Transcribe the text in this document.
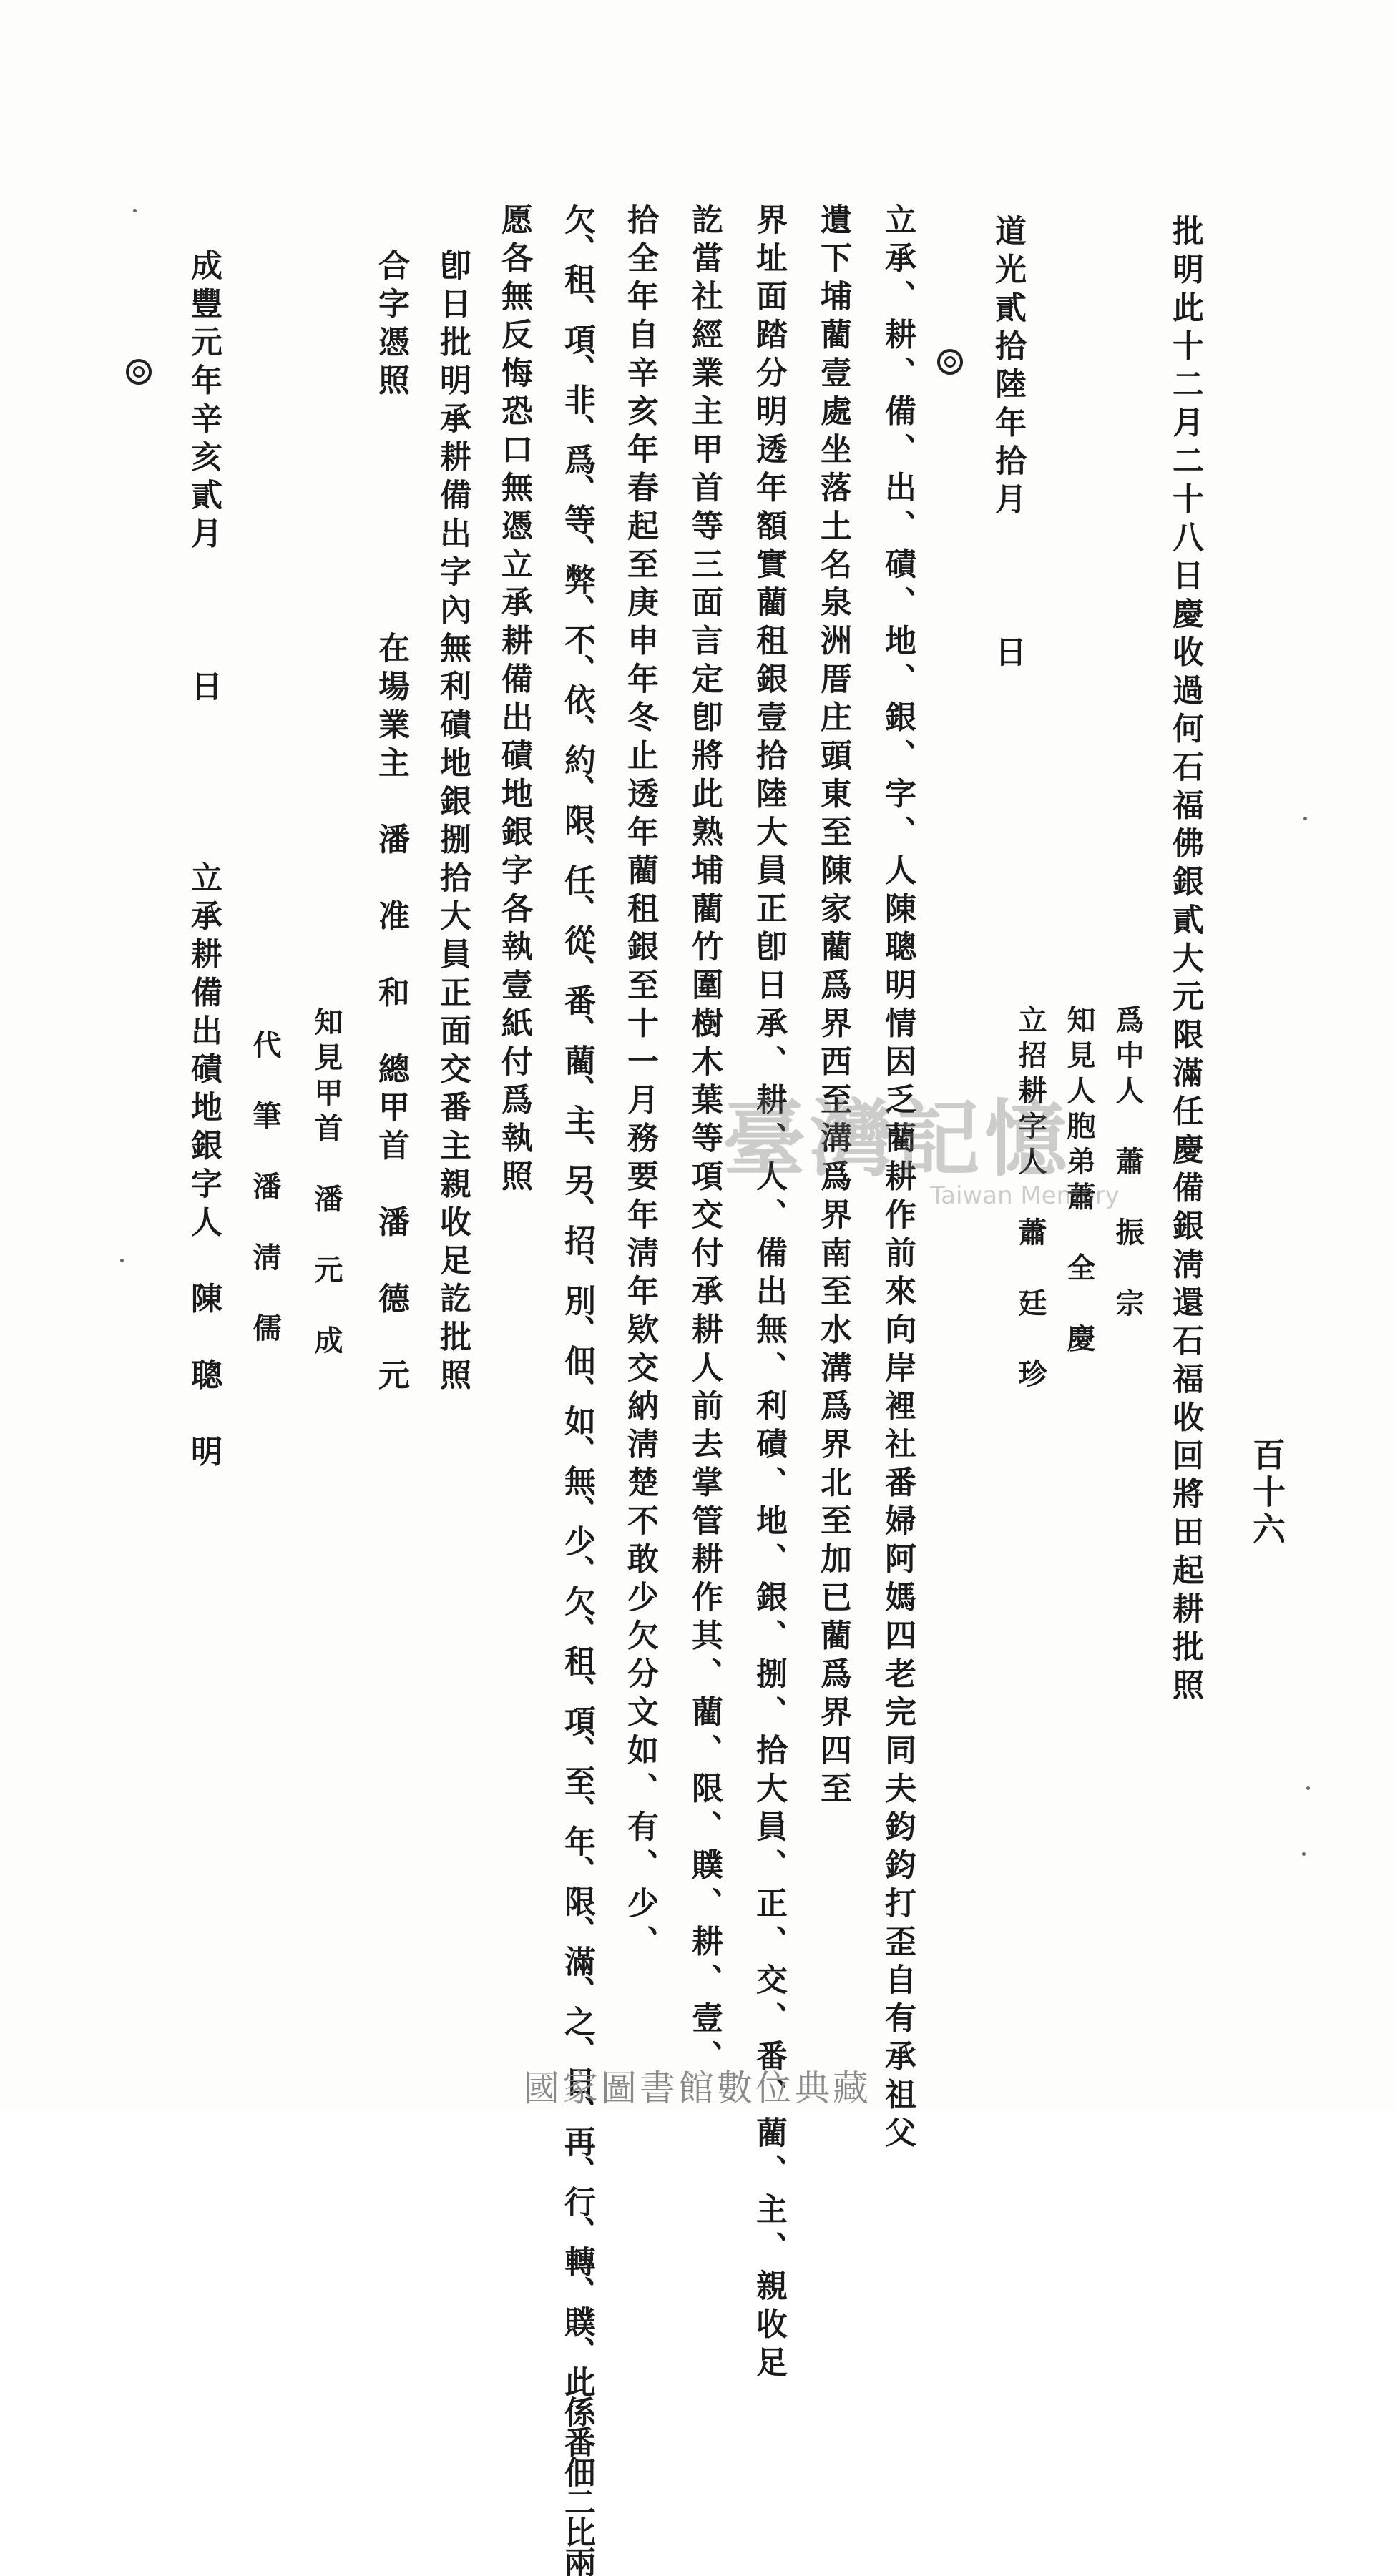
百十六
批明此十二月二十八日慶收過何石福佛銀貳大元限滿任慶備銀淸還石福收回將田起耕批照
爲中人　蕭　振　宗
知見人胞弟蕭　全　慶
立招耕字人　蕭　廷　珍
道光貳拾陸年拾月　　　日
立承、耕、備、出、磧、地、銀、字、人陳聰明情因乏藺耕作前來向岸裡社番婦阿媽四老完同夫鈞鈞打歪自有承祖父
遺下埔藺壹處坐落土名泉洲厝庄頭東至陳家藺爲界西至溝爲界南至水溝爲界北至加已藺爲界四至
界址面踏分明透年額實藺租銀壹拾陸大員正卽日承、耕、人、備出無、利磧、地、銀、捌、拾大員、正、交、番、藺、主、親收足
訖當社經業主甲首等三面言定卽將此熟埔藺竹圍樹木葉等項交付承耕人前去掌管耕作其、藺、限、贌、耕、壹、
拾全年自辛亥年春起至庚申年冬止透年藺租銀至十一月務要年淸年欵交納淸楚不敢少欠分文如、有、少、
欠、租、項、非、爲、等、弊、不、依、約、限、任、從、番、藺、主、另、招、別、佃、如、無、少、欠、租、項、至、年、限、滿、之、日、再、行、轉、贌、此係番佃二比兩
愿各無反悔恐口無憑立承耕備出磧地銀字各執壹紙付爲執照
卽日批明承耕備出字內無利磧地銀捌拾大員正面交番主親收足訖批照
合字憑照　　　　　　在場業主　潘　准　和　總甲首　潘　德　元
知見甲首　潘　元　成
代　筆　潘　淸　儒
成豐元年辛亥貳月　　　日　　　　立承耕備出磧地銀字人　陳　聰　明	臺灣記憶
Taiwan Memory
國家圖書館數位典藏
